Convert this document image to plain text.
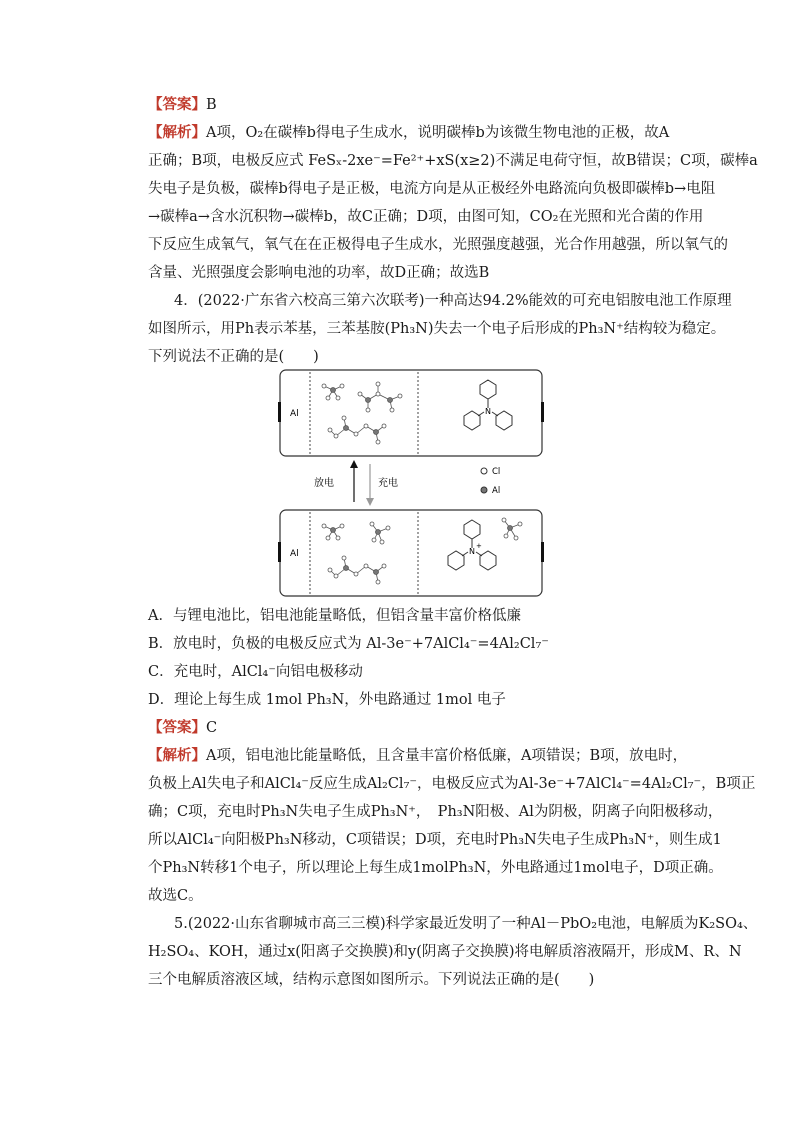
【答案】B
【解析】A项，O₂在碳棒b得电子生成水，说明碳棒b为该微生物电池的正极，故A
正确；B项，电极反应式 FeSₓ-2xe⁻=Fe²⁺+xS(x≥2)不满足电荷守恒，故B错误；C项，碳棒a
失电子是负极，碳棒b得电子是正极，电流方向是从正极经外电路流向负极即碳棒b→电阻
→碳棒a→含水沉积物→碳棒b，故C正确；D项，由图可知，CO₂在光照和光合菌的作用
下反应生成氧气，氧气在在正极得电子生成水，光照强度越强，光合作用越强，所以氧气的
含量、光照强度会影响电池的功率，故D正确；故选B
4．(2022·广东省六校高三第六次联考)一种高达94.2%能效的可充电铝胺电池工作原理
如图所示，用Ph表示苯基，三苯基胺(Ph₃N)失去一个电子后形成的Ph₃N⁺结构较为稳定。
下列说法不正确的是(　　)
N
Al
放电	充电
Cl
Al
N
+
Al
A．与锂电池比，铝电池能量略低，但铝含量丰富价格低廉
B．放电时，负极的电极反应式为 Al-3e⁻+7AlCl₄⁻=4Al₂Cl₇⁻
C．充电时，AlCl₄⁻向铝电极移动
D．理论上每生成 1mol Ph₃N，外电路通过 1mol 电子
【答案】C
【解析】A项，铝电池比能量略低，且含量丰富价格低廉，A项错误；B项，放电时，
负极上Al失电子和AlCl₄⁻反应生成Al₂Cl₇⁻，电极反应式为Al-3e⁻+7AlCl₄⁻=4Al₂Cl₇⁻，B项正
确；C项，充电时Ph₃N失电子生成Ph₃N⁺，　Ph₃N阳极、Al为阴极，阴离子向阳极移动，
所以AlCl₄⁻向阳极Ph₃N移动，C项错误；D项，充电时Ph₃N失电子生成Ph₃N⁺，则生成1
个Ph₃N转移1个电子，所以理论上每生成1molPh₃N，外电路通过1mol电子，D项正确。
故选C。
5.(2022·山东省聊城市高三三模)科学家最近发明了一种Al－PbO₂电池，电解质为K₂SO₄、
H₂SO₄、KOH，通过x(阳离子交换膜)和y(阴离子交换膜)将电解质溶液隔开，形成M、R、N
三个电解质溶液区域，结构示意图如图所示。下列说法正确的是(　　)
